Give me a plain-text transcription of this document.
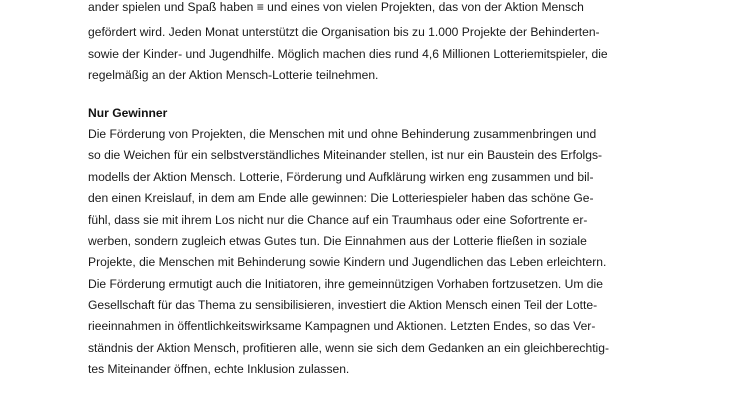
ander spielen und Spaß haben ≡ und eines von vielen Projekten, das von der Aktion Mensch
gefördert wird. Jeden Monat unterstützt die Organisation bis zu 1.000 Projekte der Behinderten-
sowie der Kinder- und Jugendhilfe. Möglich machen dies rund 4,6 Millionen Lotteriemitspieler, die
regelmäßig an der Aktion Mensch-Lotterie teilnehmen.
Nur Gewinner
Die Förderung von Projekten, die Menschen mit und ohne Behinderung zusammenbringen und
so die Weichen für ein selbstverständliches Miteinander stellen, ist nur ein Baustein des Erfolgs-
modells der Aktion Mensch. Lotterie, Förderung und Aufklärung wirken eng zusammen und bil-
den einen Kreislauf, in dem am Ende alle gewinnen: Die Lotteriespieler haben das schöne Ge-
fühl, dass sie mit ihrem Los nicht nur die Chance auf ein Traumhaus oder eine Sofortrente er-
werben, sondern zugleich etwas Gutes tun. Die Einnahmen aus der Lotterie fließen in soziale
Projekte, die Menschen mit Behinderung sowie Kindern und Jugendlichen das Leben erleichtern.
Die Förderung ermutigt auch die Initiatoren, ihre gemeinnützigen Vorhaben fortzusetzen. Um die
Gesellschaft für das Thema zu sensibilisieren, investiert die Aktion Mensch einen Teil der Lotte-
rieeinnahmen in öffentlichkeitswirksame Kampagnen und Aktionen. Letzten Endes, so das Ver-
ständnis der Aktion Mensch, profitieren alle, wenn sie sich dem Gedanken an ein gleichberechtig-
tes Miteinander öffnen, echte Inklusion zulassen.
